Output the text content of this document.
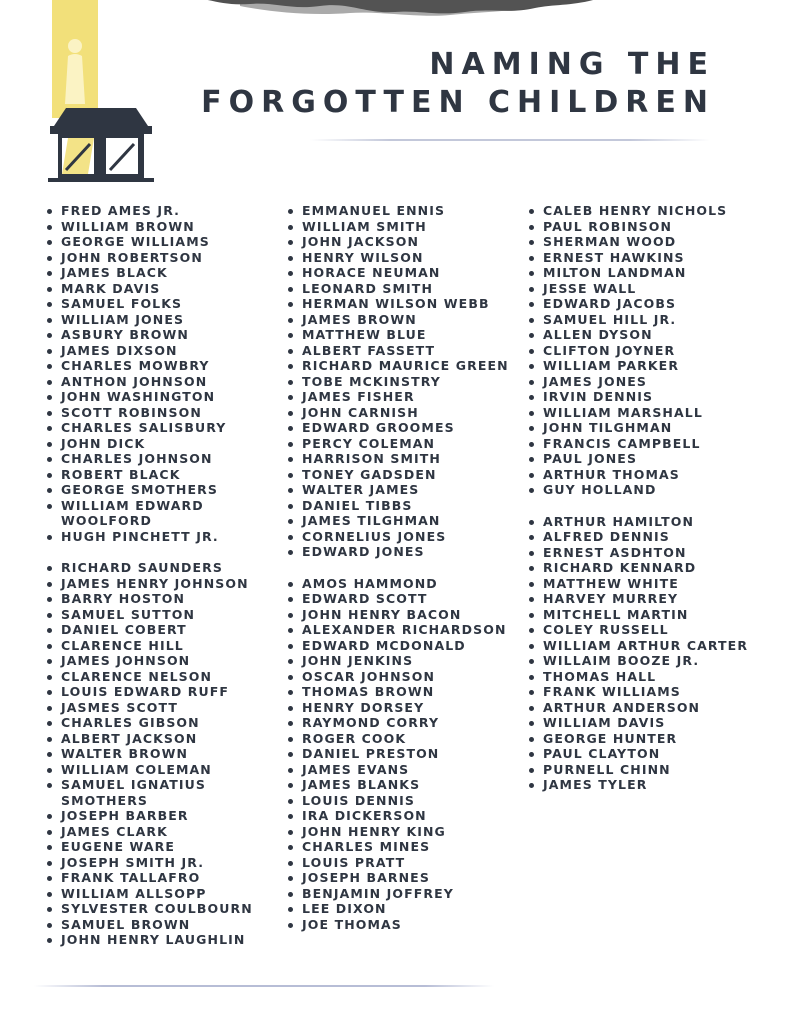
NAMING THE
FORGOTTEN CHILDREN
FRED AMES JR.
WILLIAM BROWN
GEORGE WILLIAMS
JOHN ROBERTSON
JAMES BLACK
MARK DAVIS
SAMUEL FOLKS
WILLIAM JONES
ASBURY BROWN
JAMES DIXSON
CHARLES MOWBRY
ANTHON JOHNSON
JOHN WASHINGTON
SCOTT ROBINSON
CHARLES SALISBURY
JOHN DICK
CHARLES JOHNSON
ROBERT BLACK
GEORGE SMOTHERS
WILLIAM EDWARD WOOLFORD
HUGH PINCHETT JR.
RICHARD SAUNDERS
JAMES HENRY JOHNSON
BARRY HOSTON
SAMUEL SUTTON
DANIEL COBERT
CLARENCE HILL
JAMES JOHNSON
CLARENCE NELSON
LOUIS EDWARD RUFF
JASMES SCOTT
CHARLES GIBSON
ALBERT JACKSON
WALTER BROWN
WILLIAM COLEMAN
SAMUEL IGNATIUS SMOTHERS
JOSEPH BARBER
JAMES CLARK
EUGENE WARE
JOSEPH SMITH JR.
FRANK TALLAFRO
WILLIAM ALLSOPP
SYLVESTER COULBOURN
SAMUEL BROWN
JOHN HENRY LAUGHLIN
EMMANUEL ENNIS
WILLIAM SMITH
JOHN JACKSON
HENRY WILSON
HORACE NEUMAN
LEONARD SMITH
HERMAN WILSON WEBB
JAMES BROWN
MATTHEW BLUE
ALBERT FASSETT
RICHARD MAURICE GREEN
TOBE MCKINSTRY
JAMES FISHER
JOHN CARNISH
EDWARD GROOMES
PERCY COLEMAN
HARRISON SMITH
TONEY GADSDEN
WALTER JAMES
DANIEL TIBBS
JAMES TILGHMAN
CORNELIUS JONES
EDWARD JONES
AMOS HAMMOND
EDWARD SCOTT
JOHN HENRY BACON
ALEXANDER RICHARDSON
EDWARD MCDONALD
JOHN JENKINS
OSCAR JOHNSON
THOMAS BROWN
HENRY DORSEY
RAYMOND CORRY
ROGER COOK
DANIEL PRESTON
JAMES EVANS
JAMES BLANKS
LOUIS DENNIS
IRA DICKERSON
JOHN HENRY KING
CHARLES MINES
LOUIS PRATT
JOSEPH BARNES
BENJAMIN JOFFREY
LEE DIXON
JOE THOMAS
CALEB HENRY NICHOLS
PAUL ROBINSON
SHERMAN WOOD
ERNEST HAWKINS
MILTON LANDMAN
JESSE WALL
EDWARD JACOBS
SAMUEL HILL JR.
ALLEN DYSON
CLIFTON JOYNER
WILLIAM PARKER
JAMES JONES
IRVIN DENNIS
WILLIAM MARSHALL
JOHN TILGHMAN
FRANCIS CAMPBELL
PAUL JONES
ARTHUR THOMAS
GUY HOLLAND
ARTHUR HAMILTON
ALFRED DENNIS
ERNEST ASDHTON
RICHARD KENNARD
MATTHEW WHITE
HARVEY MURREY
MITCHELL MARTIN
COLEY RUSSELL
WILLIAM ARTHUR CARTER
WILLAIM BOOZE JR.
THOMAS HALL
FRANK WILLIAMS
ARTHUR ANDERSON
WILLIAM DAVIS
GEORGE HUNTER
PAUL CLAYTON
PURNELL CHINN
JAMES TYLER
